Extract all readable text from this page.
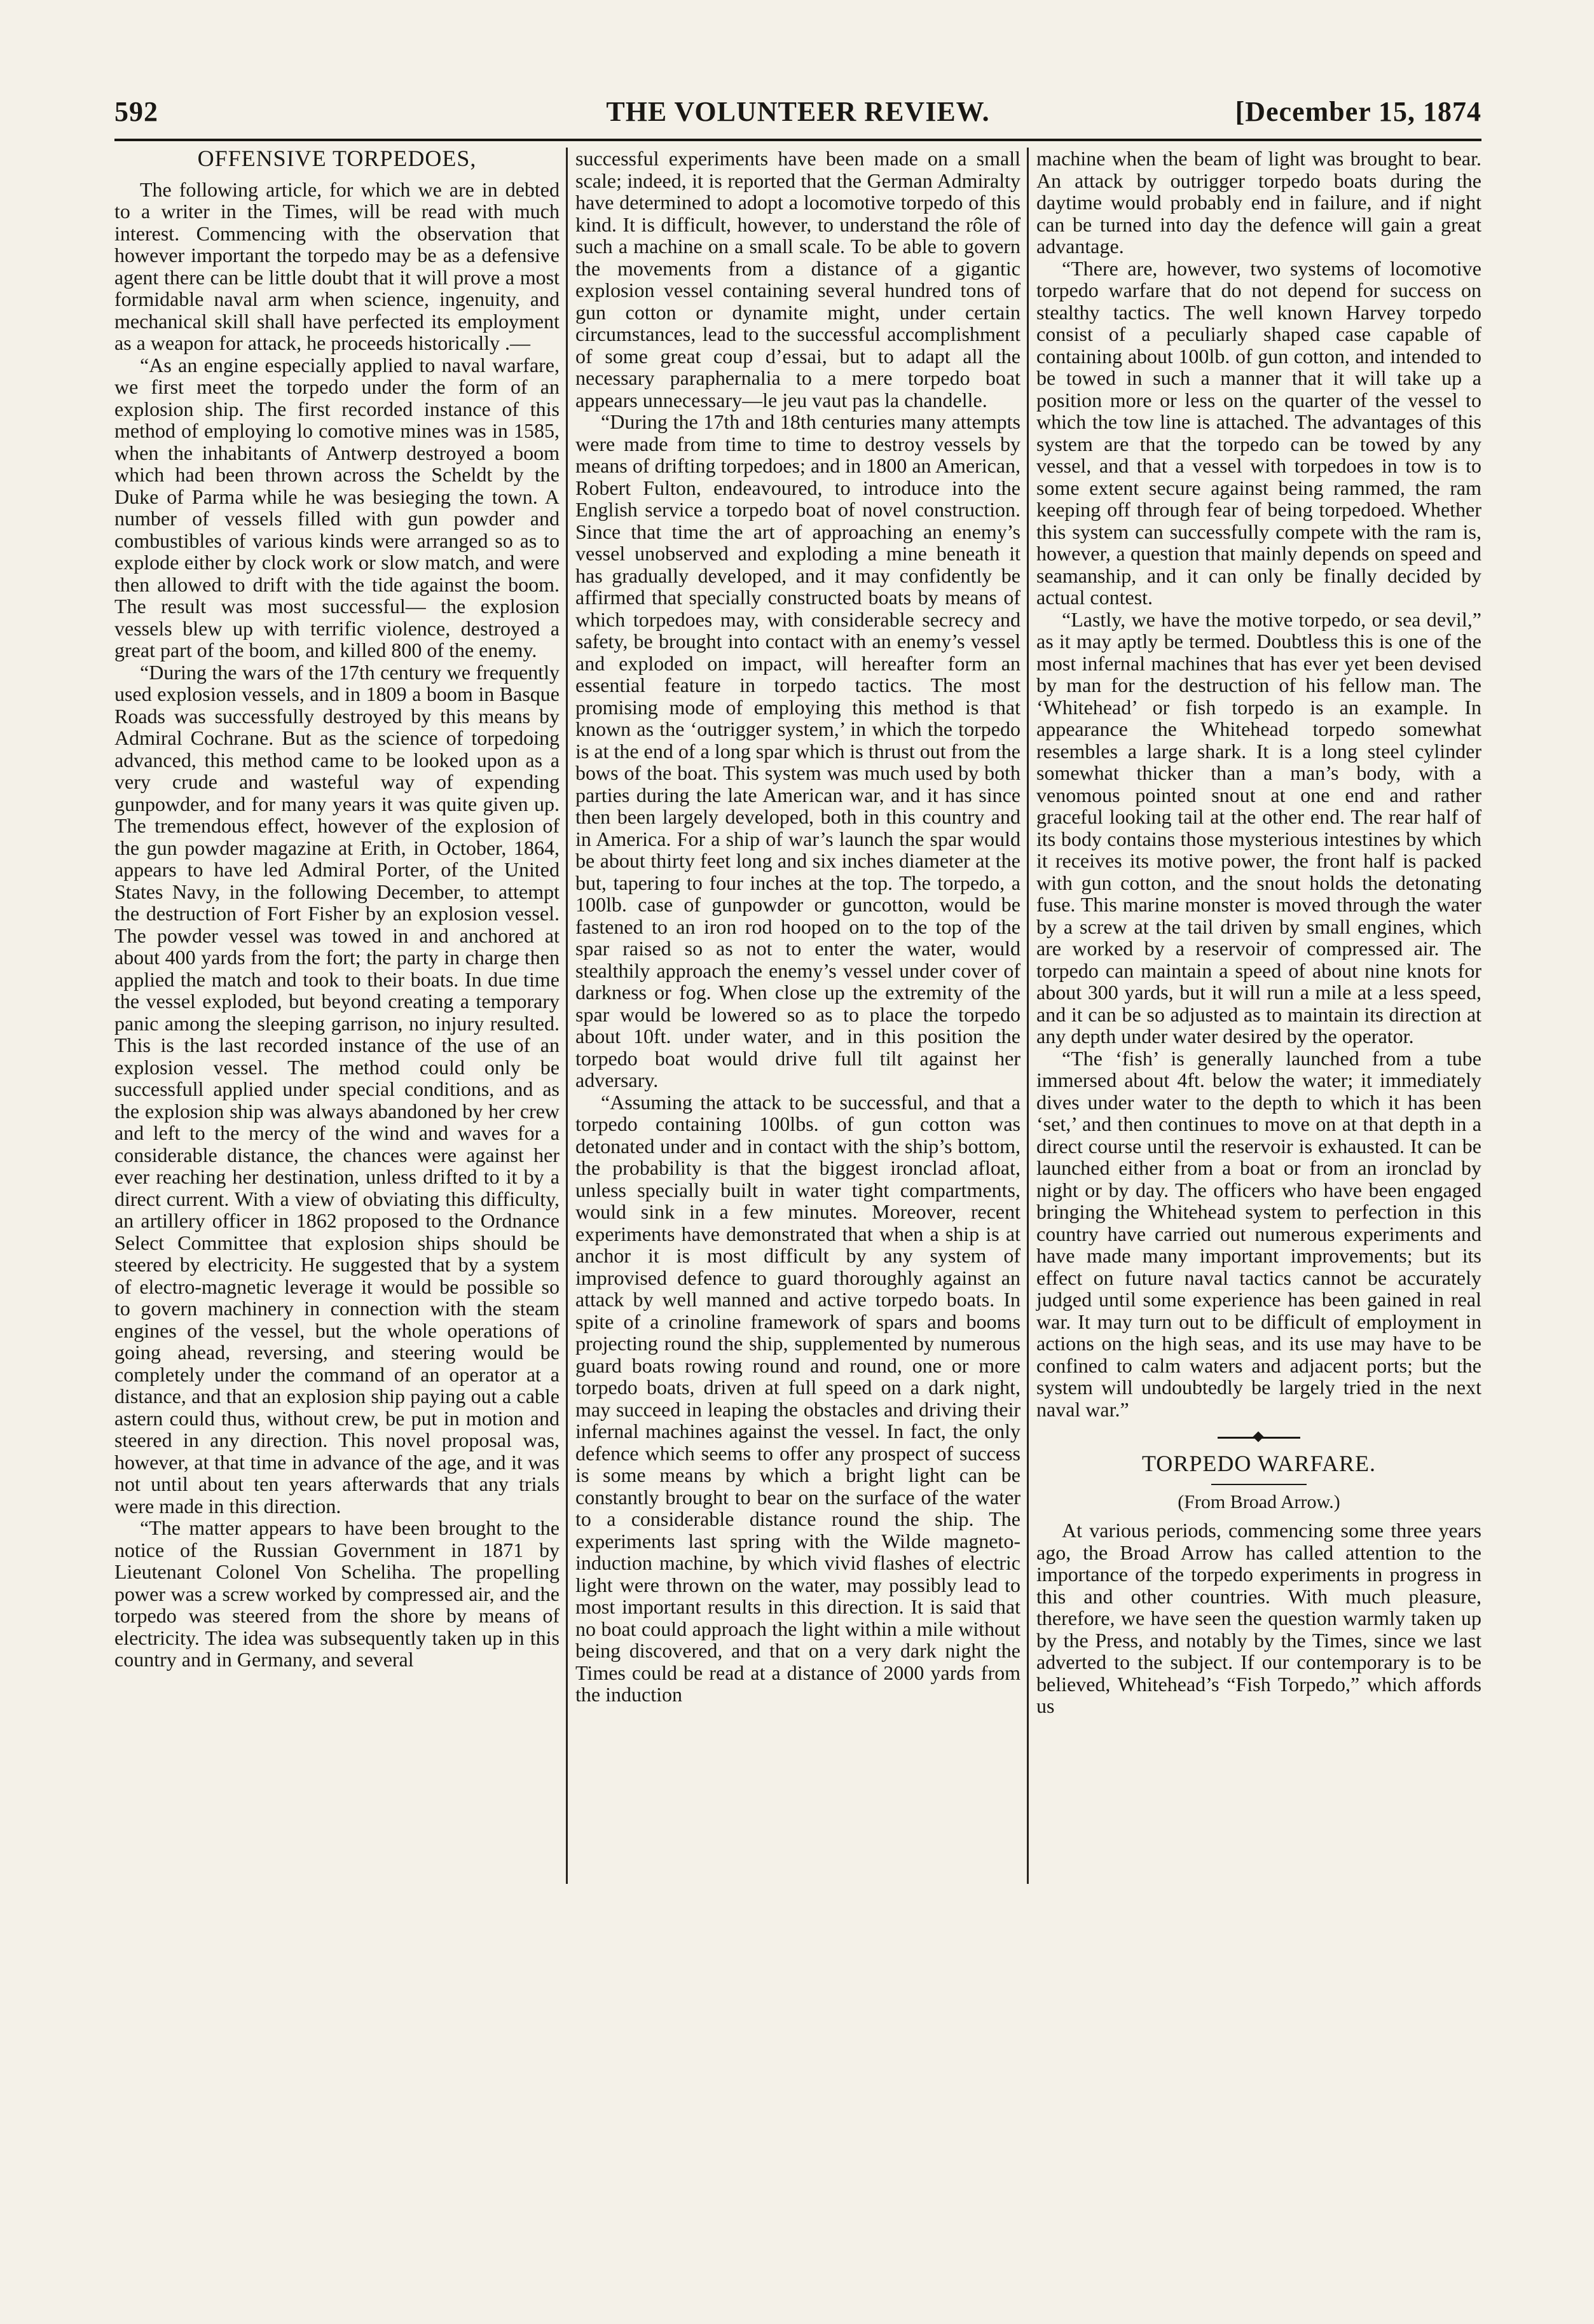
592	THE VOLUNTEER REVIEW.	[December 15, 1874
OFFENSIVE TORPEDOES,

The following article, for which we are in debted to a writer in the Times, will be read with much interest. Commencing with the observation that however important the torpedo may be as a defensive agent there can be little doubt that it will prove a most formidable naval arm when science, ingenuity, and mechanical skill shall have perfected its employment as a weapon for attack, he proceeds historically .—

“As an engine especially applied to naval warfare, we first meet the torpedo under the form of an explosion ship. The first recorded instance of this method of employing lo comotive mines was in 1585, when the inhabitants of Antwerp destroyed a boom which had been thrown across the Scheldt by the Duke of Parma while he was besieging the town. A number of vessels filled with gun powder and combustibles of various kinds were arranged so as to explode either by clock work or slow match, and were then allowed to drift with the tide against the boom. The result was most successful— the explosion vessels blew up with terrific violence, destroyed a great part of the boom, and killed 800 of the enemy.

“During the wars of the 17th century we frequently used explosion vessels, and in 1809 a boom in Basque Roads was successfully destroyed by this means by Admiral Cochrane. But as the science of torpedoing advanced, this method came to be looked upon as a very crude and wasteful way of expending gunpowder, and for many years it was quite given up. The tremendous effect, however of the explosion of the gun powder magazine at Erith, in October, 1864, appears to have led Admiral Porter, of the United States Navy, in the following December, to attempt the destruction of Fort Fisher by an explosion vessel. The powder vessel was towed in and anchored at about 400 yards from the fort; the party in charge then applied the match and took to their boats. In due time the vessel exploded, but beyond creating a temporary panic among the sleeping garrison, no injury resulted. This is the last recorded instance of the use of an explosion vessel. The method could only be successfull applied under special conditions, and as the explosion ship was always abandoned by her crew and left to the mercy of the wind and waves for a considerable distance, the chances were against her ever reaching her destination, unless drifted to it by a direct current. With a view of obviating this difficulty, an artillery officer in 1862 proposed to the Ordnance Select Committee that explosion ships should be steered by electricity. He suggested that by a system of electro-magnetic leverage it would be possible so to govern machinery in connection with the steam engines of the vessel, but the whole operations of going ahead, reversing, and steering would be completely under the command of an operator at a distance, and that an explosion ship paying out a cable astern could thus, without crew, be put in motion and steered in any direction. This novel proposal was, however, at that time in advance of the age, and it was not until about ten years afterwards that any trials were made in this direction.

“The matter appears to have been brought to the notice of the Russian Government in 1871 by Lieutenant Colonel Von Scheliha. The propelling power was a screw worked by compressed air, and the torpedo was steered from the shore by means of electricity. The idea was subsequently taken up in this country and in Germany, and several

successful experiments have been made on a small scale; indeed, it is reported that the German Admiralty have determined to adopt a locomotive torpedo of this kind. It is difficult, however, to understand the rôle of such a machine on a small scale. To be able to govern the movements from a distance of a gigantic explosion vessel containing several hundred tons of gun cotton or dynamite might, under certain circumstances, lead to the successful accomplishment of some great coup d’essai, but to adapt all the necessary paraphernalia to a mere torpedo boat appears unnecessary—le jeu vaut pas la chandelle.

“During the 17th and 18th centuries many attempts were made from time to time to destroy vessels by means of drifting torpedoes; and in 1800 an American, Robert Fulton, endeavoured, to introduce into the English service a torpedo boat of novel construction. Since that time the art of approaching an enemy’s vessel unobserved and exploding a mine beneath it has gradually developed, and it may confidently be affirmed that specially constructed boats by means of which torpedoes may, with considerable secrecy and safety, be brought into contact with an enemy’s vessel and exploded on impact, will hereafter form an essential feature in torpedo tactics. The most promising mode of employing this method is that known as the ‘outrigger system,’ in which the torpedo is at the end of a long spar which is thrust out from the bows of the boat. This system was much used by both parties during the late American war, and it has since then been largely developed, both in this country and in America. For a ship of war’s launch the spar would be about thirty feet long and six inches diameter at the but, tapering to four inches at the top. The torpedo, a 100lb. case of gunpowder or guncotton, would be fastened to an iron rod hooped on to the top of the spar raised so as not to enter the water, would stealthily approach the enemy’s vessel under cover of darkness or fog. When close up the extremity of the spar would be lowered so as to place the torpedo about 10ft. under water, and in this position the torpedo boat would drive full tilt against her adversary.

“Assuming the attack to be successful, and that a torpedo containing 100lbs. of gun cotton was detonated under and in contact with the ship’s bottom, the probability is that the biggest ironclad afloat, unless specially built in water tight compartments, would sink in a few minutes. Moreover, recent experiments have demonstrated that when a ship is at anchor it is most difficult by any system of improvised defence to guard thoroughly against an attack by well manned and active torpedo boats. In spite of a crinoline framework of spars and booms projecting round the ship, supplemented by numerous guard boats rowing round and round, one or more torpedo boats, driven at full speed on a dark night, may succeed in leaping the obstacles and driving their infernal machines against the vessel. In fact, the only defence which seems to offer any prospect of success is some means by which a bright light can be constantly brought to bear on the surface of the water to a considerable distance round the ship. The experiments last spring with the Wilde magneto-induction machine, by which vivid flashes of electric light were thrown on the water, may possibly lead to most important results in this direction. It is said that no boat could approach the light within a mile without being discovered, and that on a very dark night the Times could be read at a distance of 2000 yards from the induction

machine when the beam of light was brought to bear. An attack by outrigger torpedo boats during the daytime would probably end in failure, and if night can be turned into day the defence will gain a great advantage.

“There are, however, two systems of locomotive torpedo warfare that do not depend for success on stealthy tactics. The well known Harvey torpedo consist of a peculiarly shaped case capable of containing about 100lb. of gun cotton, and intended to be towed in such a manner that it will take up a position more or less on the quarter of the vessel to which the tow line is attached. The advantages of this system are that the torpedo can be towed by any vessel, and that a vessel with torpedoes in tow is to some extent secure against being rammed, the ram keeping off through fear of being torpedoed. Whether this system can successfully compete with the ram is, however, a question that mainly depends on speed and seamanship, and it can only be finally decided by actual contest.

“Lastly, we have the motive torpedo, or sea devil,” as it may aptly be termed. Doubtless this is one of the most infernal machines that has ever yet been devised by man for the destruction of his fellow man. The ‘Whitehead’ or fish torpedo is an example. In appearance the Whitehead torpedo somewhat resembles a large shark. It is a long steel cylinder somewhat thicker than a man’s body, with a venomous pointed snout at one end and rather graceful looking tail at the other end. The rear half of its body contains those mysterious intestines by which it receives its motive power, the front half is packed with gun cotton, and the snout holds the detonating fuse. This marine monster is moved through the water by a screw at the tail driven by small engines, which are worked by a reservoir of compressed air. The torpedo can maintain a speed of about nine knots for about 300 yards, but it will run a mile at a less speed, and it can be so adjusted as to maintain its direction at any depth under water desired by the operator.

“The ‘fish’ is generally launched from a tube immersed about 4ft. below the water; it immediately dives under water to the depth to which it has been ‘set,’ and then continues to move on at that depth in a direct course until the reservoir is exhausted. It can be launched either from a boat or from an ironclad by night or by day. The officers who have been engaged bringing the Whitehead system to perfection in this country have carried out numerous experiments and have made many important improvements; but its effect on future naval tactics cannot be accurately judged until some experience has been gained in real war. It may turn out to be difficult of employment in actions on the high seas, and its use may have to be confined to calm waters and adjacent ports; but the system will undoubtedly be largely tried in the next naval war.”

TORPEDO WARFARE.

(From Broad Arrow.)

At various periods, commencing some three years ago, the Broad Arrow has called attention to the importance of the torpedo experiments in progress in this and other countries. With much pleasure, therefore, we have seen the question warmly taken up by the Press, and notably by the Times, since we last adverted to the subject. If our contemporary is to be believed, Whitehead’s “Fish Torpedo,” which affords us
